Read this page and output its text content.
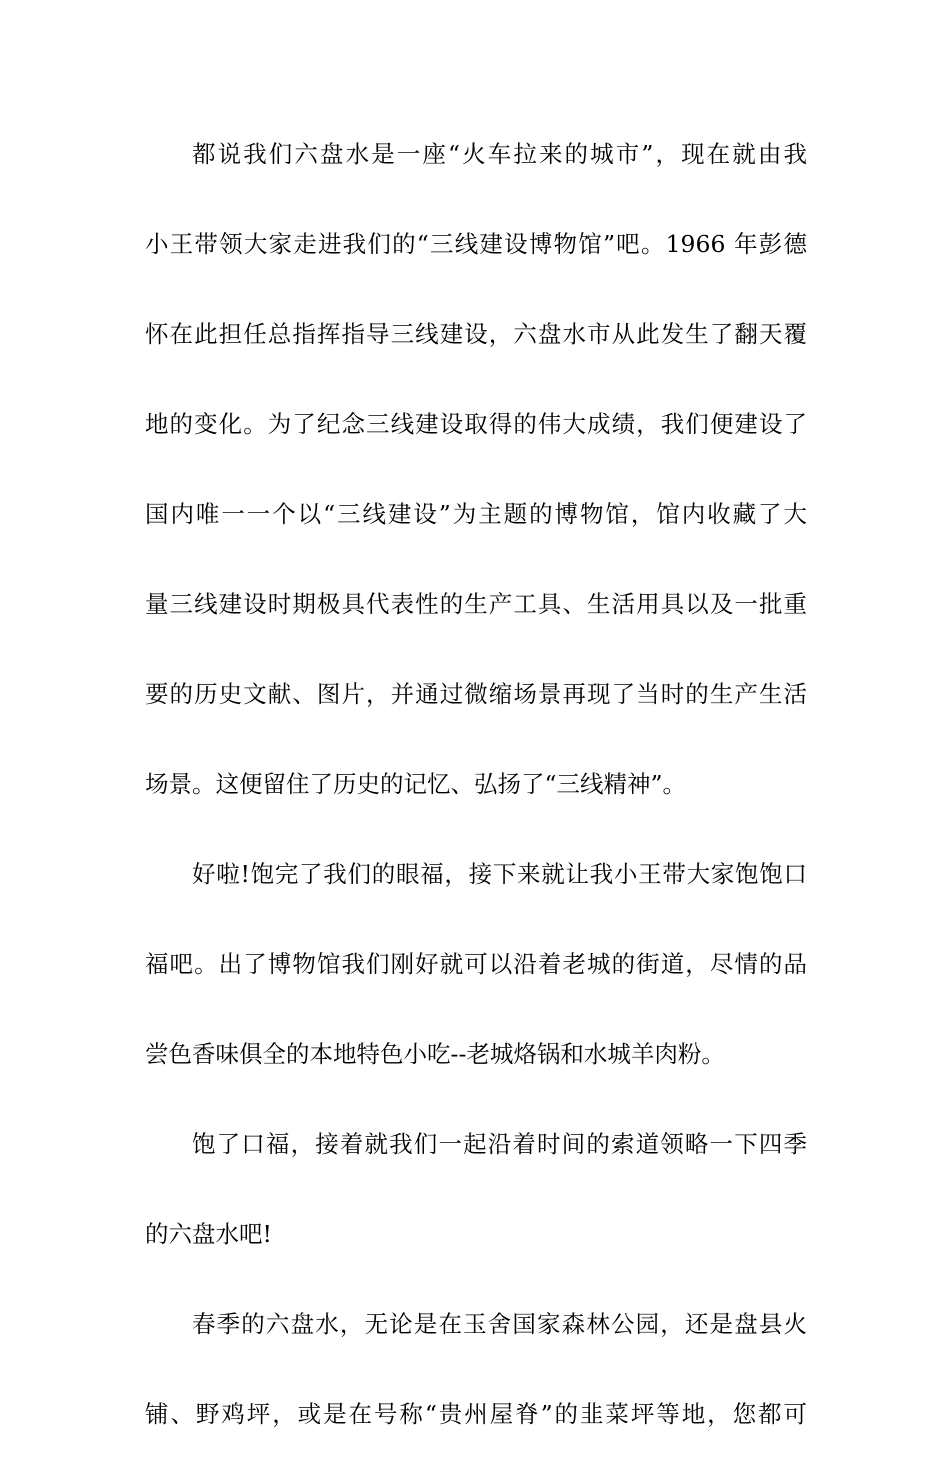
都说我们六盘水是一座“火车拉来的城市”，现在就由我
小王带领大家走进我们的“三线建设博物馆”吧。1966 年彭德
怀在此担任总指挥指导三线建设，六盘水市从此发生了翻天覆
地的变化。为了纪念三线建设取得的伟大成绩，我们便建设了
国内唯一一个以“三线建设”为主题的博物馆，馆内收藏了大
量三线建设时期极具代表性的生产工具、生活用具以及一批重
要的历史文献、图片，并通过微缩场景再现了当时的生产生活
场景。这便留住了历史的记忆、弘扬了“三线精神”。
好啦!饱完了我们的眼福，接下来就让我小王带大家饱饱口
福吧。出了博物馆我们刚好就可以沿着老城的街道，尽情的品
尝色香味俱全的本地特色小吃--老城烙锅和水城羊肉粉。
饱了口福，接着就我们一起沿着时间的索道领略一下四季
的六盘水吧!
春季的六盘水，无论是在玉舍国家森林公园，还是盘县火
铺、野鸡坪，或是在号称“贵州屋脊”的韭菜坪等地，您都可
